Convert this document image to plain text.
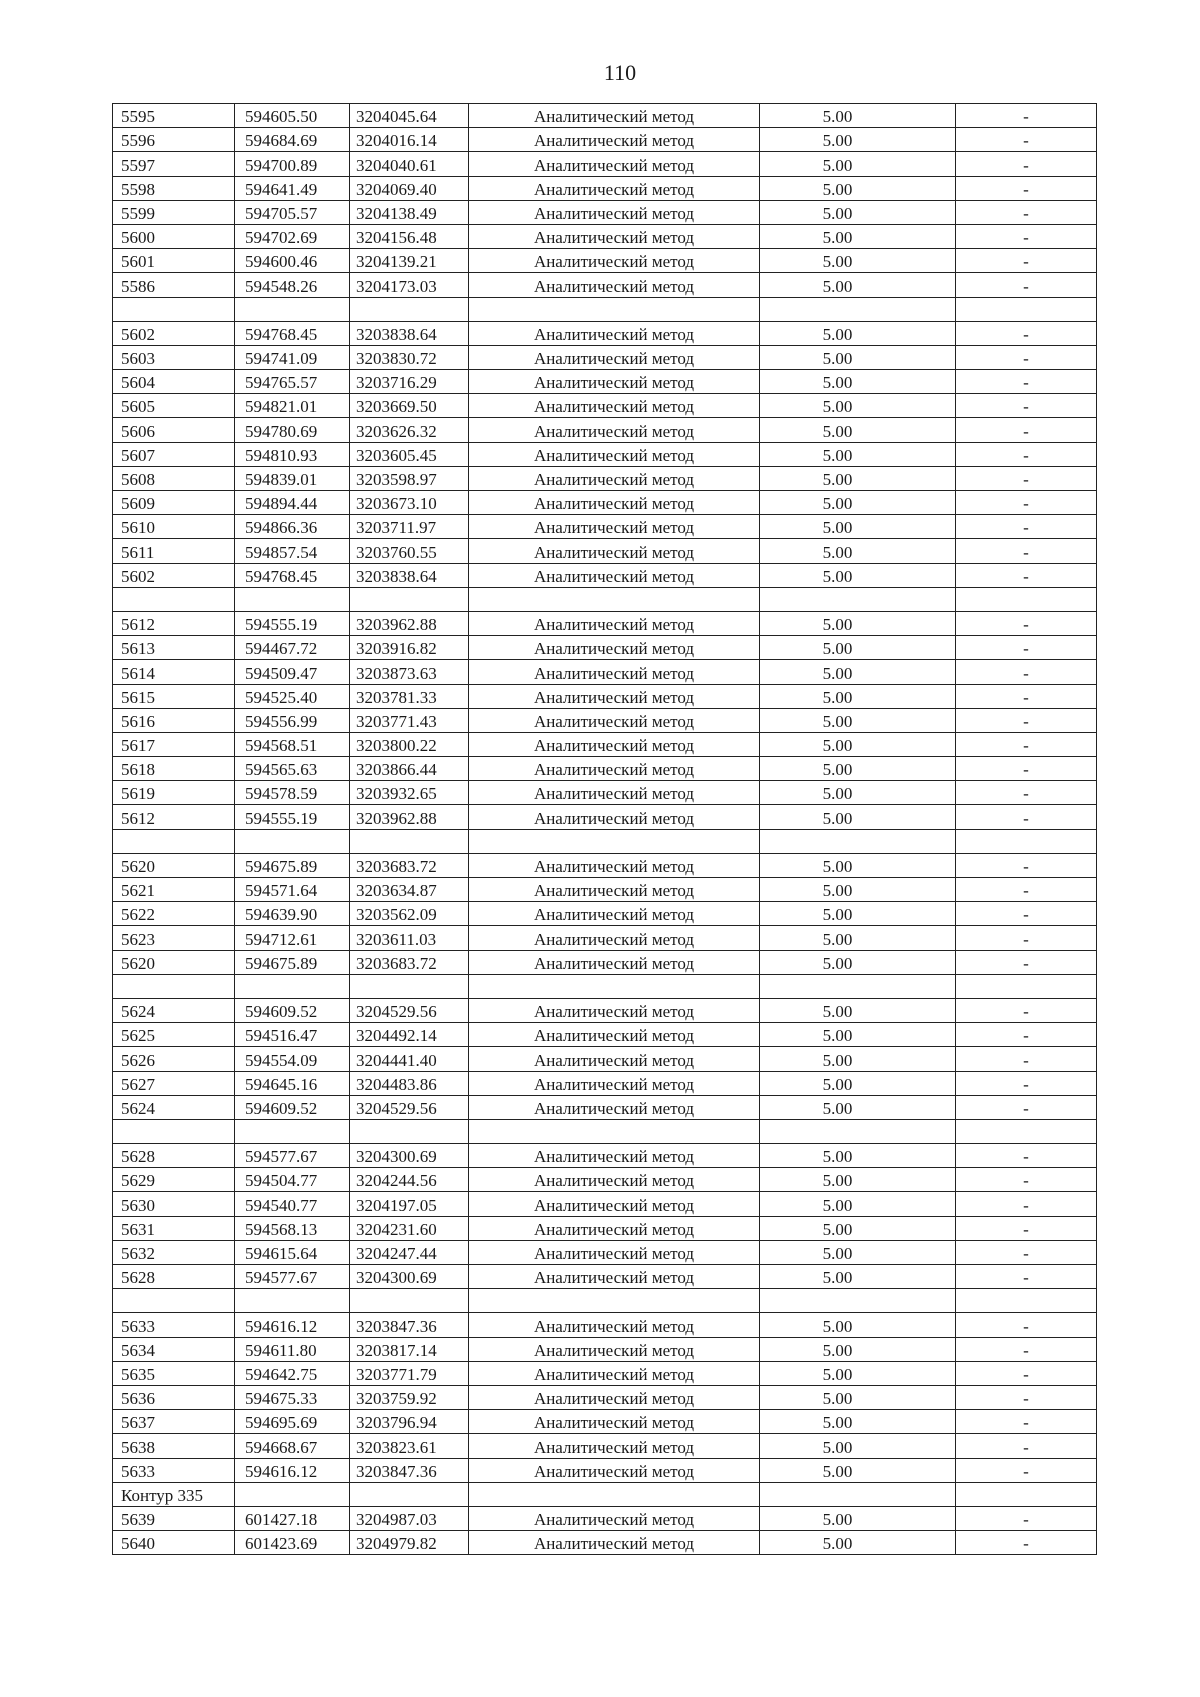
110
5595	594605.50	3204045.64	Аналитический метод	5.00	-
5596	594684.69	3204016.14	Аналитический метод	5.00	-
5597	594700.89	3204040.61	Аналитический метод	5.00	-
5598	594641.49	3204069.40	Аналитический метод	5.00	-
5599	594705.57	3204138.49	Аналитический метод	5.00	-
5600	594702.69	3204156.48	Аналитический метод	5.00	-
5601	594600.46	3204139.21	Аналитический метод	5.00	-
5586	594548.26	3204173.03	Аналитический метод	5.00	-

5602	594768.45	3203838.64	Аналитический метод	5.00	-
5603	594741.09	3203830.72	Аналитический метод	5.00	-
5604	594765.57	3203716.29	Аналитический метод	5.00	-
5605	594821.01	3203669.50	Аналитический метод	5.00	-
5606	594780.69	3203626.32	Аналитический метод	5.00	-
5607	594810.93	3203605.45	Аналитический метод	5.00	-
5608	594839.01	3203598.97	Аналитический метод	5.00	-
5609	594894.44	3203673.10	Аналитический метод	5.00	-
5610	594866.36	3203711.97	Аналитический метод	5.00	-
5611	594857.54	3203760.55	Аналитический метод	5.00	-
5602	594768.45	3203838.64	Аналитический метод	5.00	-

5612	594555.19	3203962.88	Аналитический метод	5.00	-
5613	594467.72	3203916.82	Аналитический метод	5.00	-
5614	594509.47	3203873.63	Аналитический метод	5.00	-
5615	594525.40	3203781.33	Аналитический метод	5.00	-
5616	594556.99	3203771.43	Аналитический метод	5.00	-
5617	594568.51	3203800.22	Аналитический метод	5.00	-
5618	594565.63	3203866.44	Аналитический метод	5.00	-
5619	594578.59	3203932.65	Аналитический метод	5.00	-
5612	594555.19	3203962.88	Аналитический метод	5.00	-

5620	594675.89	3203683.72	Аналитический метод	5.00	-
5621	594571.64	3203634.87	Аналитический метод	5.00	-
5622	594639.90	3203562.09	Аналитический метод	5.00	-
5623	594712.61	3203611.03	Аналитический метод	5.00	-
5620	594675.89	3203683.72	Аналитический метод	5.00	-

5624	594609.52	3204529.56	Аналитический метод	5.00	-
5625	594516.47	3204492.14	Аналитический метод	5.00	-
5626	594554.09	3204441.40	Аналитический метод	5.00	-
5627	594645.16	3204483.86	Аналитический метод	5.00	-
5624	594609.52	3204529.56	Аналитический метод	5.00	-

5628	594577.67	3204300.69	Аналитический метод	5.00	-
5629	594504.77	3204244.56	Аналитический метод	5.00	-
5630	594540.77	3204197.05	Аналитический метод	5.00	-
5631	594568.13	3204231.60	Аналитический метод	5.00	-
5632	594615.64	3204247.44	Аналитический метод	5.00	-
5628	594577.67	3204300.69	Аналитический метод	5.00	-

5633	594616.12	3203847.36	Аналитический метод	5.00	-
5634	594611.80	3203817.14	Аналитический метод	5.00	-
5635	594642.75	3203771.79	Аналитический метод	5.00	-
5636	594675.33	3203759.92	Аналитический метод	5.00	-
5637	594695.69	3203796.94	Аналитический метод	5.00	-
5638	594668.67	3203823.61	Аналитический метод	5.00	-
5633	594616.12	3203847.36	Аналитический метод	5.00	-
Контур 335					
5639	601427.18	3204987.03	Аналитический метод	5.00	-
5640	601423.69	3204979.82	Аналитический метод	5.00	-
